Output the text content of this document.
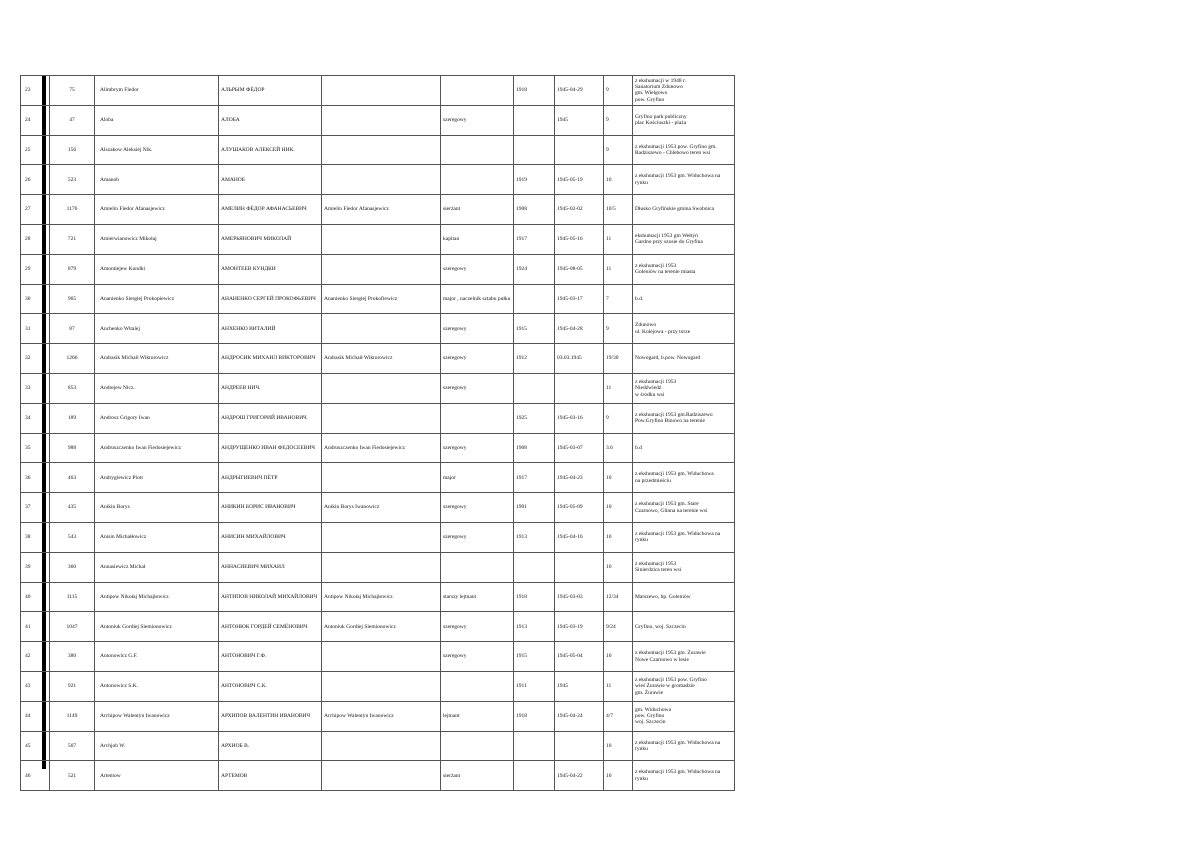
23	75	Alimbrym Fiedor	АЛЬРЫМ ФЁДОР			1918	1945-04-29	9	z ekshumacji w 1948 r.
Sanatorium Zdunowo
gm. Wielgowo
pow. Gryfino

24	47	Aloba	АЛОБА		szeregowy		1945	9	Gryfino park publiczny
plac Kościuszki - plaża

25	156	Alszakow Aleksiej Nik.	АЛУШАКОВ АЛЕКСЕЙ НИК.					9	z ekshumacji 1953 pow. Gryfino gm.
Radziszewo - Chlebowo teren wsi

26	523	Amanob	АМАНОБ			1919	1945-05-19	10	z ekshumacji 1953 gm. Widuchowa na
rynku

27	1176	Amielin Fiedor Afanasjewicz	АМЕЛИН ФЁДОР АФАНАСЬЕВИЧ	Amielin Fiedor Afanasjewicz	sierżant	1908	1945-02-02	10/5	Dłusko Gryfińskie gmina Swobnica

28	721	Amierwianowicz Mikołaj	АМЕРЬЯНОВИЧ МИКОЛАЙ		kapitan	1917	1945-05-16	11	ekshumacji 1953 gm Wełtyń
Gardno przy szosie do Gryfina

29	879	Amontiejew Kundki	АМОНТЕЕВ КУНДКИ		szeregowy	1924	1945-08-05	11	z ekshumacji 1953
Goleniów na terenie miasta

30	965	Ananienko Siergiej Prokopiewicz	АНАНЕНКО СЕРГЕЙ ПРОКОФЬЕВИЧ	Ananienko Siergiej Prokofiewicz	major , naczelnik sztabu pułku		1945-03-17	7	b.d.

31	87	Anchenko Witalej	АНХЕНКО ВИТАЛИЙ		szeregowy	1915	1945-04-28	9	Zdunowo
ul. Kolejowa - przy torze

32	1266	Andrasik Michail Wiktorowicz	АНДРОСИК МИХАИЛ ВИКТОРОВИЧ	Andrasik Michaił Wiktorowicz	szeregowy	1912	03.03.1945	19/30	Nowogard, b.pow. Nowogard

33	853	Andrejew Nicz.	АНДРЕЕВ НИЧ.		szeregowy			11	z ekshumacji 1953
Niedźwiedź
w środku wsi

34	189	Androsz Grigory Iwan	АНДРОШ ГРИГОРИЙ ИВАНОВИЧ			1925	1945-03-16	9	z ekshumacji 1953 gm.Radziszewo
Pow.Gryfino Binowo na terenie

35	988	Andruszczenko Iwan Fiedosiejewicz	АНДРУЩЕНКО ИВАН ФЕДОСЕЕВИЧ	Andruszczenko Iwan Fiedosiejewicz	szeregowy	1908	1945-03-07	3.6	b.d

36	463	Andrygiewicz Piotr	АНДРЫГИЕВИЧ ПЁТР		major	1917	1945-04-23	10	z ekshumacji 1953 gm. Widuchowa
na przedmieściu

37	435	Anikin Borys	АНИКИН БОРИС ИВАНОВИЧ	Anikin Borys Iwanowicz	szeregowy	1901	1945-05-09	10	z ekshumacji 1953 gm. Stare
Czarnowo, Glinna na terenie wsi

38	543	Anisin Michałłowicz	АНИСИН МИХАЙЛОВИЧ		szeregowy	1913	1945-04-16	10	z ekshumacji 1953 gm. Widuchowa na
rynku

39	360	Annasiewicz Michał	АННАСИЕВИЧ МИХАИЛ					10	z ekshumacji 1953
Sinierdzica teren wsi

40	1115	Antipow Nikołaj Michajłowicz	АНТИПОВ НИКОЛАЙ МИХАЙЛОВИЧ	Antipow Nikołaj Michajłowicz	starszy lejtnant	1918	1945-03-03	12/34	Marszewo, bp. Goleniów

41	1047	Antoniuk Gordiej Siemionowicz	АНТОНЮК ГОРДЕЙ СЕМЁНОВИЧ	Antoniuk Gordiej Siemionowicz	szeregowy	1913	1945-03-19	9/24	Gryfino, woj. Szczecin

42	380	Antonowicz G.F.	АНТОНОВИЧ Г.Ф.		szeregowy	1915	1945-05-04	10	z ekshumacji 1953 gm. Żurawie
Nowe Czarnowo w lesie

43	921	Antonowicz S.K.	АНТОНОВИЧ С.К.			1911	1945	11	z ekshumacji 1953 pow. Gryfino
wieś Żurawie w gromadzie
gm. Żurawie

44	1149	Archipow Walentyn Iwanowicz	АРХИПОВ ВАЛЕНТИН ИВАНОВИЧ	Archipow Walentyn Iwanowicz	lejtnant	1918	1945-04-24	4/7	gm. Widuchowa
pow. Gryfino
woj. Szczecin

45	567	Archjob W.	АРХИОБ В.					10	z ekshumacji 1953 gm. Widuchowa na
rynku

46	521	Artemow	АРТЕМОВ		sierżant		1945-04-22	10	z ekshumacji 1953 gm. Widuchowa na
rynku
